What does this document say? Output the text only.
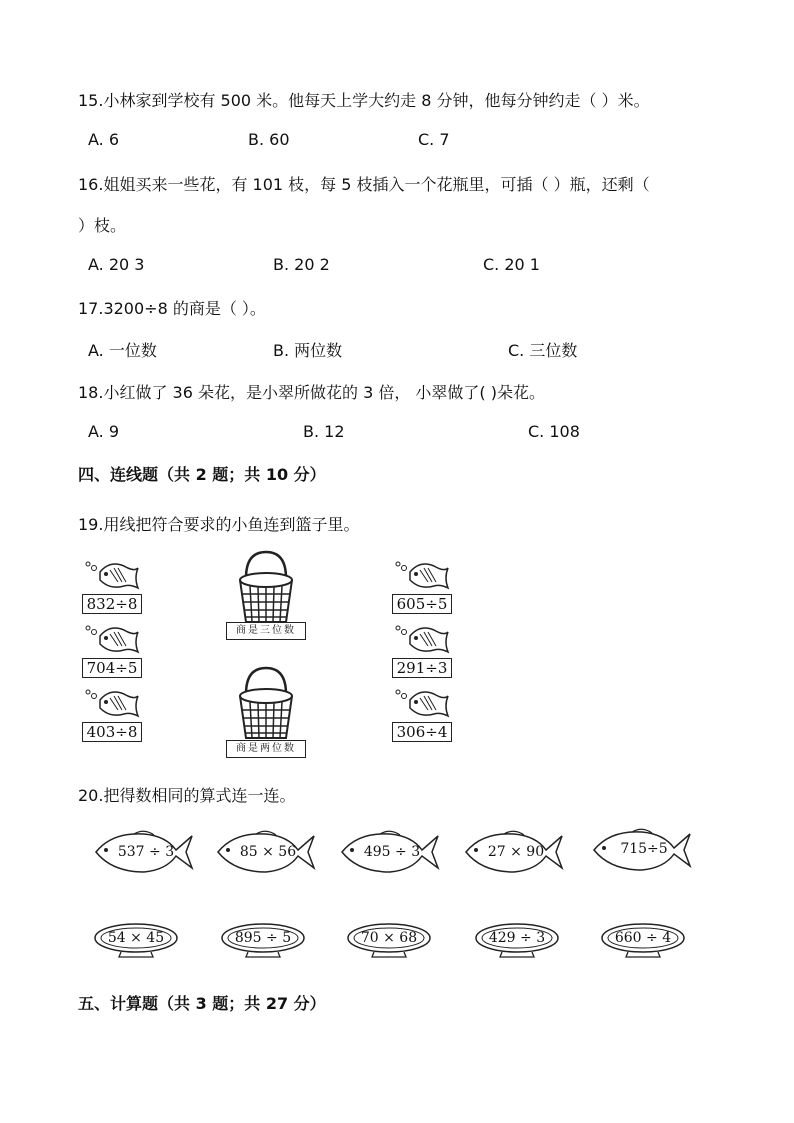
15.小林家到学校有 500 米。他每天上学大约走 8 分钟，他每分钟约走（ ）米。
A. 6	B. 60	C. 7
16.姐姐买来一些花，有 101 枝，每 5 枝插入一个花瓶里，可插（ ）瓶，还剩（
）枝。
A. 20 3	B. 20 2	C. 20 1
17.3200÷8 的商是（ ）。
A. 一位数	B. 两位数	C. 三位数
18.小红做了 36 朵花，是小翠所做花的 3 倍， 小翠做了( )朵花。
A. 9	B. 12	C. 108
四、连线题（共 2 题；共 10 分）
19.用线把符合要求的小鱼连到篮子里。
832÷8
704÷5
403÷8
商是三位数
商是两位数
605÷5
291÷3
306÷4
20.把得数相同的算式连一连。
537 ÷ 3	85 × 56	495 ÷ 3	27 × 90	715÷5
54 × 45	895 ÷ 5	70 × 68	429 ÷ 3	660 ÷ 4
五、计算题（共 3 题；共 27 分）
